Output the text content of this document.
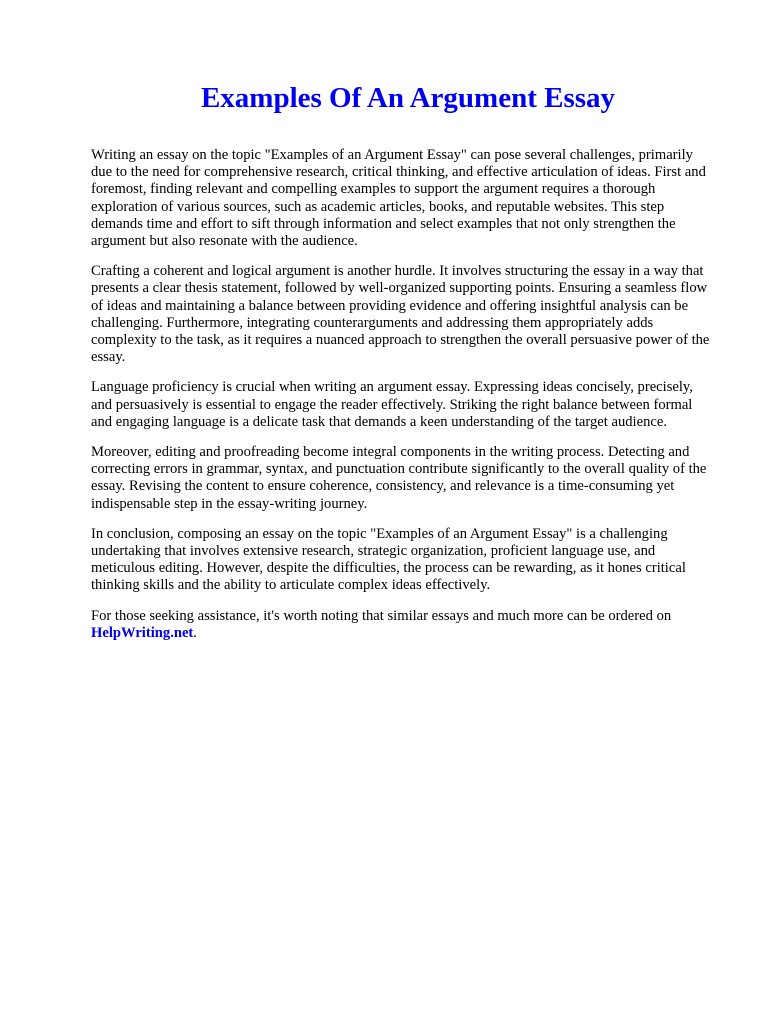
Examples Of An Argument Essay

Writing an essay on the topic "Examples of an Argument Essay" can pose several challenges, primarily due to the need for comprehensive research, critical thinking, and effective articulation of ideas. First and foremost, finding relevant and compelling examples to support the argument requires a thorough exploration of various sources, such as academic articles, books, and reputable websites. This step demands time and effort to sift through information and select examples that not only strengthen the argument but also resonate with the audience.

Crafting a coherent and logical argument is another hurdle. It involves structuring the essay in a way that presents a clear thesis statement, followed by well-organized supporting points. Ensuring a seamless flow of ideas and maintaining a balance between providing evidence and offering insightful analysis can be challenging. Furthermore, integrating counterarguments and addressing them appropriately adds complexity to the task, as it requires a nuanced approach to strengthen the overall persuasive power of the essay.

Language proficiency is crucial when writing an argument essay. Expressing ideas concisely, precisely, and persuasively is essential to engage the reader effectively. Striking the right balance between formal and engaging language is a delicate task that demands a keen understanding of the target audience.

Moreover, editing and proofreading become integral components in the writing process. Detecting and correcting errors in grammar, syntax, and punctuation contribute significantly to the overall quality of the essay. Revising the content to ensure coherence, consistency, and relevance is a time-consuming yet indispensable step in the essay-writing journey.

In conclusion, composing an essay on the topic "Examples of an Argument Essay" is a challenging undertaking that involves extensive research, strategic organization, proficient language use, and meticulous editing. However, despite the difficulties, the process can be rewarding, as it hones critical thinking skills and the ability to articulate complex ideas effectively.

For those seeking assistance, it's worth noting that similar essays and much more can be ordered on
HelpWriting.net.
